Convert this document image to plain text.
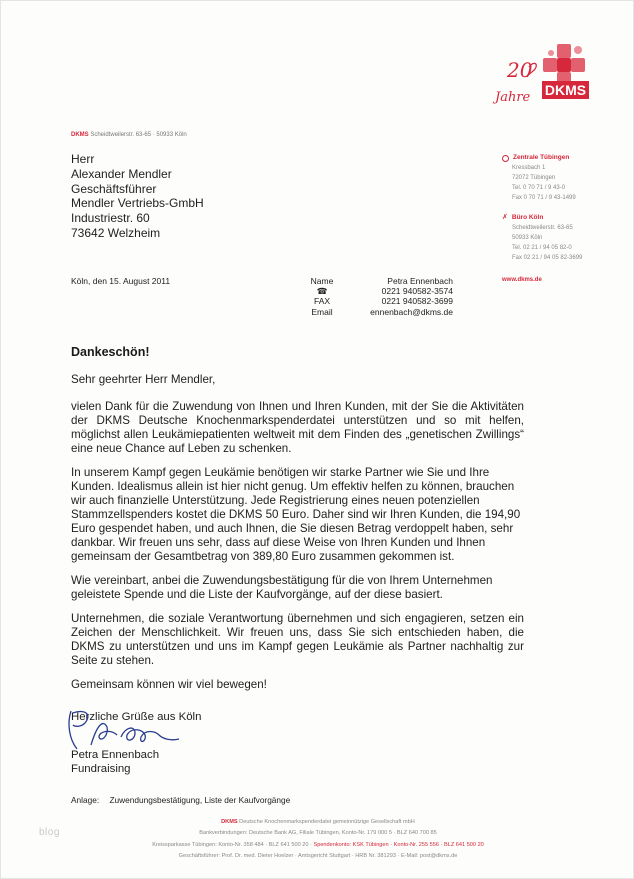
DKMS
20
Jahre
DKMS Scheidtweilerstr. 63-65 · 50933 Köln
Herr
Alexander Mendler
Geschäftsführer
Mendler Vertriebs-GmbH
Industriestr. 60
73642 Welzheim
Zentrale Tübingen
Kressbach 1
72072 Tübingen
Tel. 0 70 71 / 9 43-0
Fax 0 70 71 / 9 43-1499
✗ Büro Köln
Scheidtweilerstr. 63-65
50933 Köln
Tel. 02 21 / 94 05 82-0
Fax 02 21 / 94 05 82-3699
www.dkms.de
Köln, den 15. August 2011	Name	Petra Ennenbach
☎	0221 940582-3574
FAX	0221 940582-3699
Email	ennenbach@dkms.de
Dankeschön!

Sehr geehrter Herr Mendler,

vielen Dank für die Zuwendung von Ihnen und Ihren Kunden, mit der Sie die Aktivitäten der DKMS Deutsche Knochenmarkspenderdatei unterstützen und so mit helfen, möglichst allen Leukämiepatienten weltweit mit dem Finden des „genetischen Zwillings“ eine neue Chance auf Leben zu schenken.

In unserem Kampf gegen Leukämie benötigen wir starke Partner wie Sie und Ihre Kunden. Idealismus allein ist hier nicht genug. Um effektiv helfen zu können, brauchen wir auch finanzielle Unterstützung. Jede Registrierung eines neuen potenziellen Stammzellspenders kostet die DKMS 50 Euro. Daher sind wir Ihren Kunden, die 194,90 Euro gespendet haben, und auch Ihnen, die Sie diesen Betrag verdoppelt haben, sehr dankbar. Wir freuen uns sehr, dass auf diese Weise von Ihren Kunden und Ihnen gemeinsam der Gesamtbetrag von 389,80 Euro zusammen gekommen ist.

Wie vereinbart, anbei die Zuwendungsbestätigung für die von Ihrem Unternehmen geleistete Spende und die Liste der Kaufvorgänge, auf der diese basiert.

Unternehmen, die soziale Verantwortung übernehmen und sich engagieren, setzen ein Zeichen der Menschlichkeit. Wir freuen uns, dass Sie sich entschieden haben, die DKMS zu unterstützen und uns im Kampf gegen Leukämie als Partner nachhaltig zur Seite zu stehen.

Gemeinsam können wir viel bewegen!

Herzliche Grüße aus Köln
Petra Ennenbach
Fundraising
Anlage: Zuwendungsbestätigung, Liste der Kaufvorgänge
DKMS Deutsche Knochenmarkspenderdatei gemeinnützige Gesellschaft mbH
Bankverbindungen: Deutsche Bank AG, Filiale Tübingen, Konto-Nr. 179 000 5 · BLZ 640 700 85
Kreissparkasse Tübingen: Konto-Nr. 358 484 · BLZ 641 500 20 · Spendenkonto: KSK Tübingen · Konto-Nr. 255 556 · BLZ 641 500 20
Geschäftsführer: Prof. Dr. med. Dieter Hoelzer · Amtsgericht Stuttgart · HRB Nr. 381293 · E-Mail: post@dkms.de
blog
